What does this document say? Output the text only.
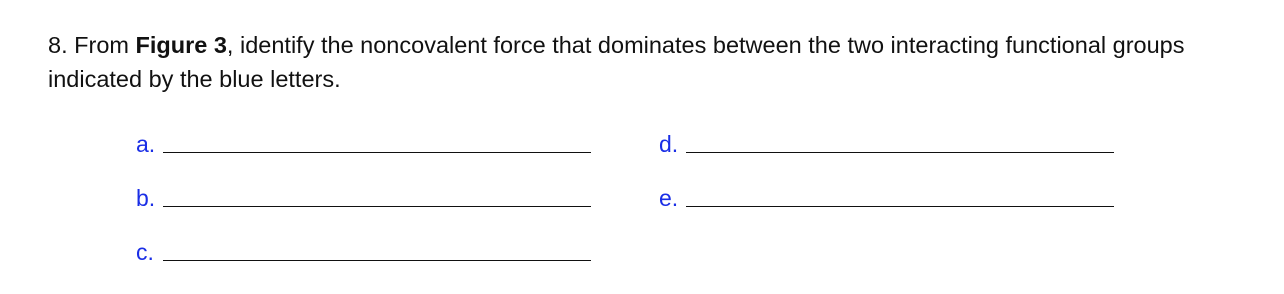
8. From Figure 3, identify the noncovalent force that dominates between the two interacting functional groups indicated by the blue letters.
a.
b.
c.
d.
e.
